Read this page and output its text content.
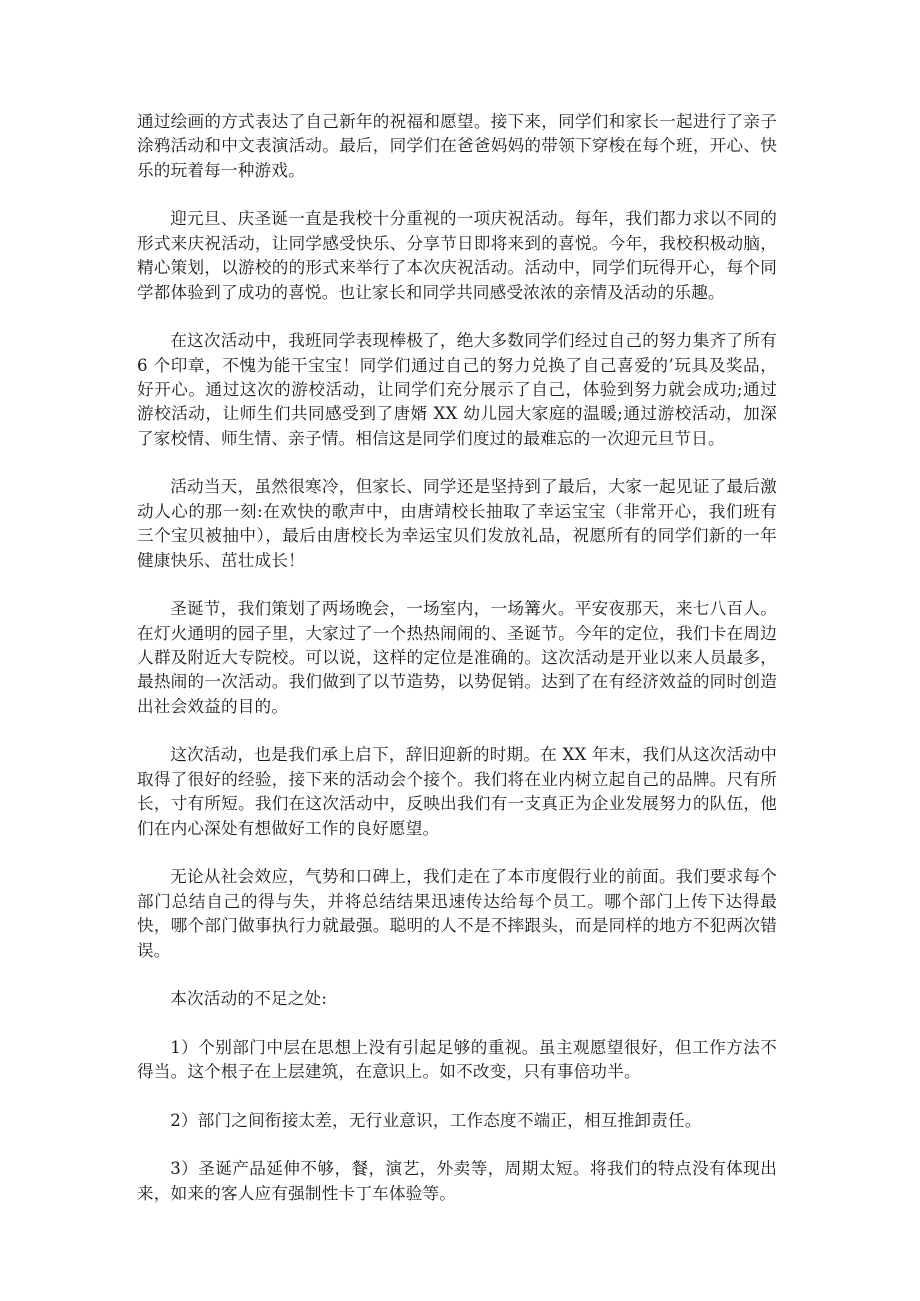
通过绘画的方式表达了自己新年的祝福和愿望。接下来，同学们和家长一起进行了亲子涂鸦活动和中文表演活动。最后，同学们在爸爸妈妈的带领下穿梭在每个班，开心、快乐的玩着每一种游戏。

迎元旦、庆圣诞一直是我校十分重视的一项庆祝活动。每年，我们都力求以不同的形式来庆祝活动，让同学感受快乐、分享节日即将来到的喜悦。今年，我校积极动脑，精心策划，以游校的的形式来举行了本次庆祝活动。活动中，同学们玩得开心，每个同学都体验到了成功的喜悦。也让家长和同学共同感受浓浓的亲情及活动的乐趣。

在这次活动中，我班同学表现棒极了，绝大多数同学们经过自己的努力集齐了所有 6 个印章，不愧为能干宝宝！同学们通过自己的努力兑换了自己喜爱的’玩具及奖品，好开心。通过这次的游校活动，让同学们充分展示了自己，体验到努力就会成功;通过游校活动，让师生们共同感受到了唐婿 XX 幼儿园大家庭的温暖;通过游校活动，加深了家校情、师生情、亲子情。相信这是同学们度过的最难忘的一次迎元旦节日。

活动当天，虽然很寒冷，但家长、同学还是坚持到了最后，大家一起见证了最后激动人心的那一刻:在欢快的歌声中，由唐靖校长抽取了幸运宝宝（非常开心，我们班有三个宝贝被抽中），最后由唐校长为幸运宝贝们发放礼品，祝愿所有的同学们新的一年健康快乐、茁壮成长！

圣诞节，我们策划了两场晚会，一场室内，一场篝火。平安夜那天，来七八百人。在灯火通明的园子里，大家过了一个热热闹闹的、圣诞节。今年的定位，我们卡在周边人群及附近大专院校。可以说，这样的定位是准确的。这次活动是开业以来人员最多，最热闹的一次活动。我们做到了以节造势，以势促销。达到了在有经济效益的同时创造出社会效益的目的。

这次活动，也是我们承上启下，辞旧迎新的时期。在 XX 年末，我们从这次活动中取得了很好的经验，接下来的活动会个接个。我们将在业内树立起自己的品牌。尺有所长，寸有所短。我们在这次活动中，反映出我们有一支真正为企业发展努力的队伍，他们在内心深处有想做好工作的良好愿望。

无论从社会效应，气势和口碑上，我们走在了本市度假行业的前面。我们要求每个部门总结自己的得与失，并将总结结果迅速传达给每个员工。哪个部门上传下达得最快，哪个部门做事执行力就最强。聪明的人不是不摔跟头，而是同样的地方不犯两次错误。

本次活动的不足之处:

1）个别部门中层在思想上没有引起足够的重视。虽主观愿望很好，但工作方法不得当。这个根子在上层建筑，在意识上。如不改变，只有事倍功半。

2）部门之间衔接太差，无行业意识，工作态度不端正，相互推卸责任。

3）圣诞产品延伸不够，餐，演艺，外卖等，周期太短。将我们的特点没有体现出来，如来的客人应有强制性卡丁车体验等。
